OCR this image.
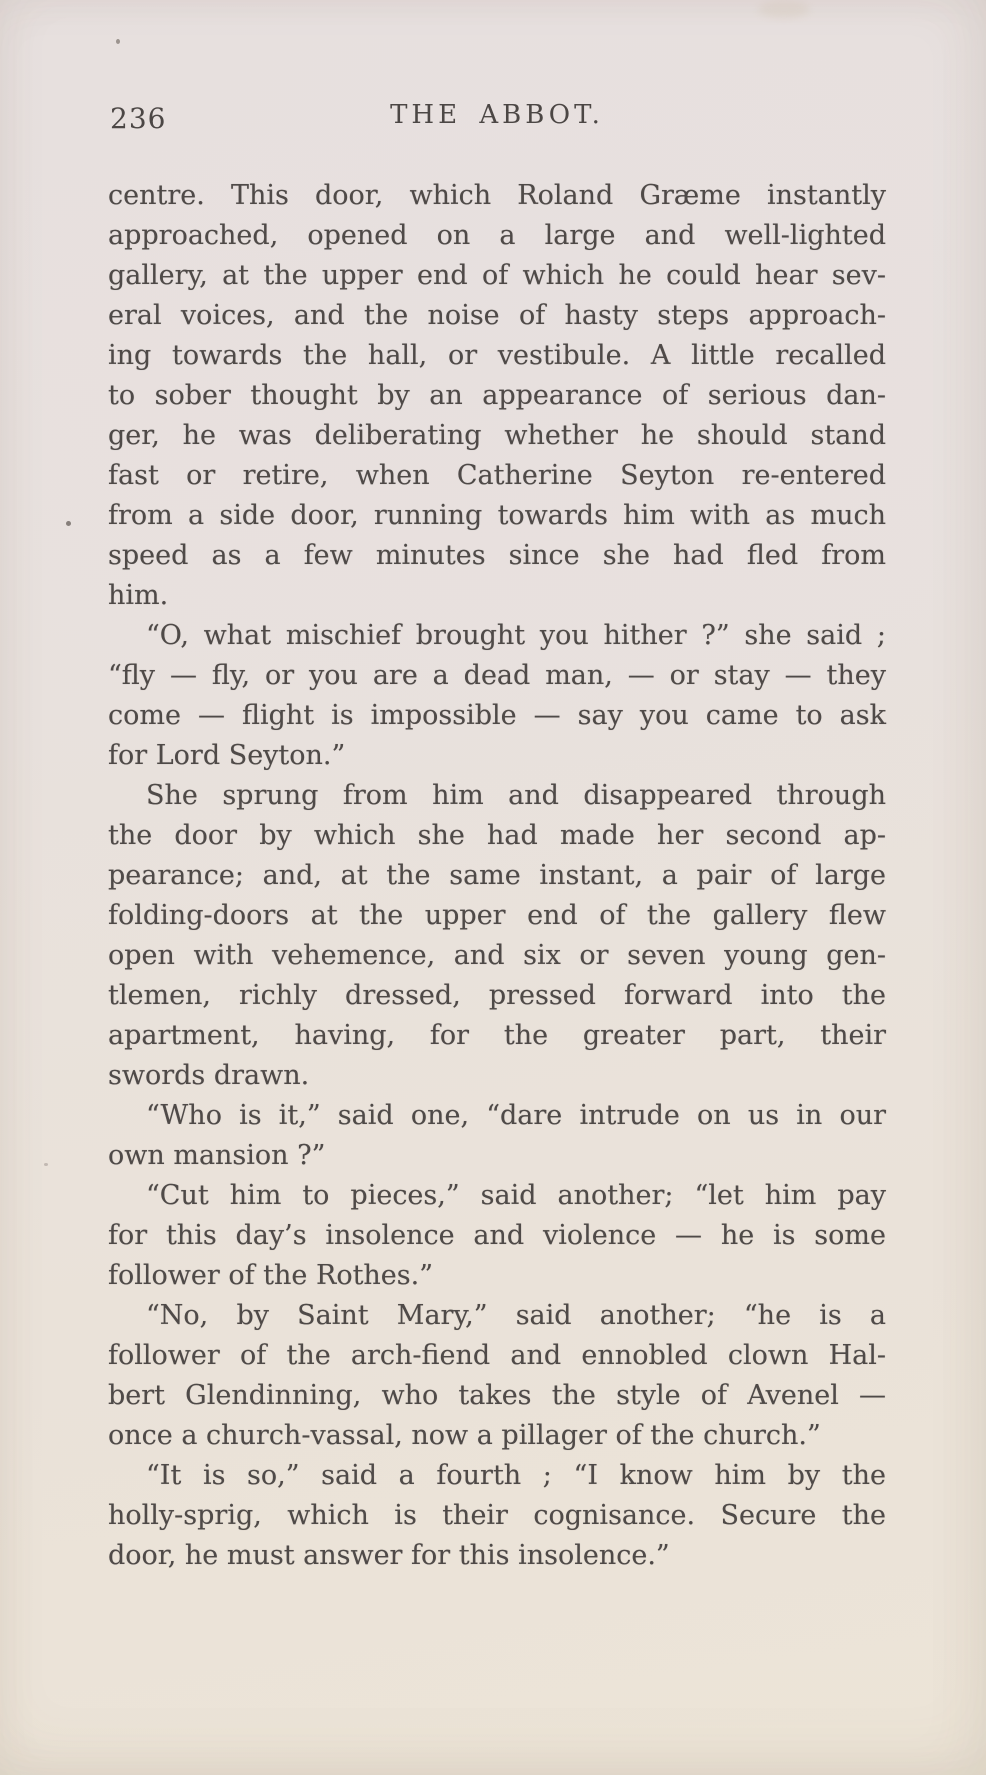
236	THE ABBOT.
centre. This door, which Roland Græme instantly
approached, opened on a large and well-lighted
gallery, at the upper end of which he could hear sev-
eral voices, and the noise of hasty steps approach-
ing towards the hall, or vestibule. A little recalled
to sober thought by an appearance of serious dan-
ger, he was deliberating whether he should stand
fast or retire, when Catherine Seyton re-entered
from a side door, running towards him with as much
speed as a few minutes since she had fled from
him.
“O, what mischief brought you hither ?” she said ;
“fly — fly, or you are a dead man, — or stay — they
come — flight is impossible — say you came to ask
for Lord Seyton.”
She sprung from him and disappeared through
the door by which she had made her second ap-
pearance; and, at the same instant, a pair of large
folding-doors at the upper end of the gallery flew
open with vehemence, and six or seven young gen-
tlemen, richly dressed, pressed forward into the
apartment, having, for the greater part, their
swords drawn.
“Who is it,” said one, “dare intrude on us in our
own mansion ?”
“Cut him to pieces,” said another; “let him pay
for this day’s insolence and violence — he is some
follower of the Rothes.”
“No, by Saint Mary,” said another; “he is a
follower of the arch-fiend and ennobled clown Hal-
bert Glendinning, who takes the style of Avenel —
once a church-vassal, now a pillager of the church.”
“It is so,” said a fourth ; “I know him by the
holly-sprig, which is their cognisance. Secure the
door, he must answer for this insolence.”
